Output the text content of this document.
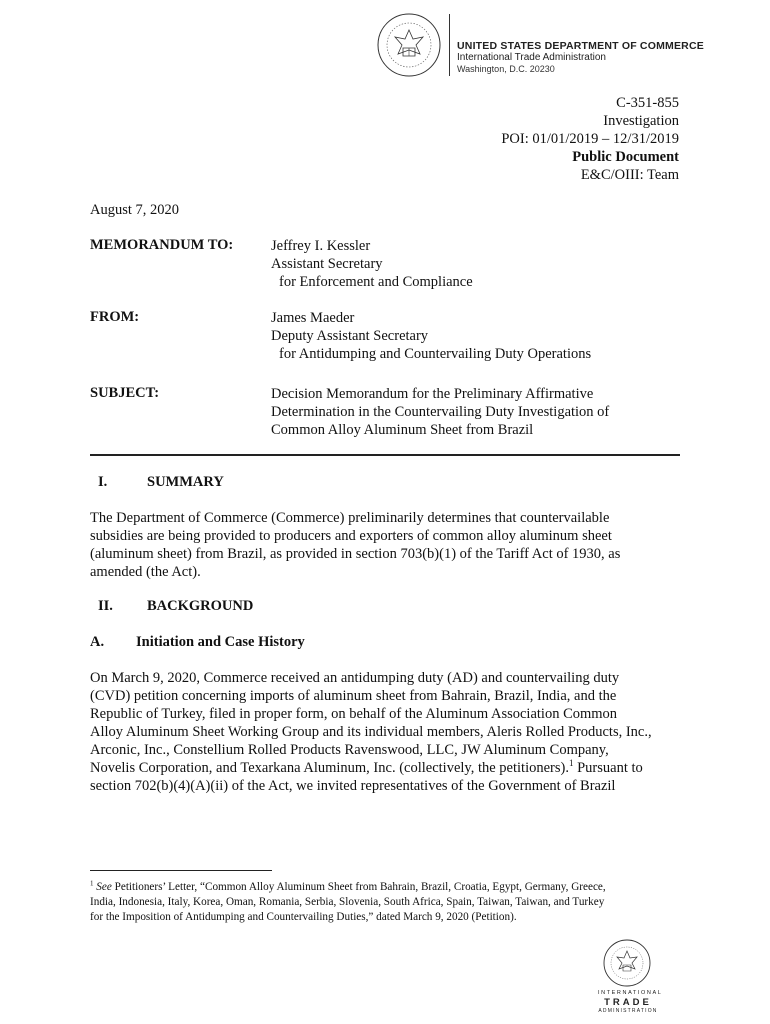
UNITED STATES DEPARTMENT OF COMMERCE
International Trade Administration
Washington, D.C. 20230
C-351-855
Investigation
POI: 01/01/2019 – 12/31/2019
Public Document
E&C/OIII: Team
August 7, 2020
MEMORANDUM TO:	Jeffrey I. Kessler
Assistant Secretary
for Enforcement and Compliance
FROM:	James Maeder
Deputy Assistant Secretary
for Antidumping and Countervailing Duty Operations
SUBJECT:	Decision Memorandum for the Preliminary Affirmative
Determination in the Countervailing Duty Investigation of
Common Alloy Aluminum Sheet from Brazil
I.	SUMMARY
The Department of Commerce (Commerce) preliminarily determines that countervailable
subsidies are being provided to producers and exporters of common alloy aluminum sheet
(aluminum sheet) from Brazil, as provided in section 703(b)(1) of the Tariff Act of 1930, as
amended (the Act).
II. BACKGROUND
A. Initiation and Case History
On March 9, 2020, Commerce received an antidumping duty (AD) and countervailing duty
(CVD) petition concerning imports of aluminum sheet from Bahrain, Brazil, India, and the
Republic of Turkey, filed in proper form, on behalf of the Aluminum Association Common
Alloy Aluminum Sheet Working Group and its individual members, Aleris Rolled Products, Inc.,
Arconic, Inc., Constellium Rolled Products Ravenswood, LLC, JW Aluminum Company,
Novelis Corporation, and Texarkana Aluminum, Inc. (collectively, the petitioners).$^1$ Pursuant to
section 702(b)(4)(A)(ii) of the Act, we invited representatives of the Government of Brazil
$^1$ See Petitioners’ Letter, “Common Alloy Aluminum Sheet from Bahrain, Brazil, Croatia, Egypt, Germany, Greece,
India, Indonesia, Italy, Korea, Oman, Romania, Serbia, Slovenia, South Africa, Spain, Taiwan, Taiwan, and Turkey
for the Imposition of Antidumping and Countervailing Duties,” dated March 9, 2020 (Petition).
INTERNATIONAL
TRADE
ADMINISTRATION
